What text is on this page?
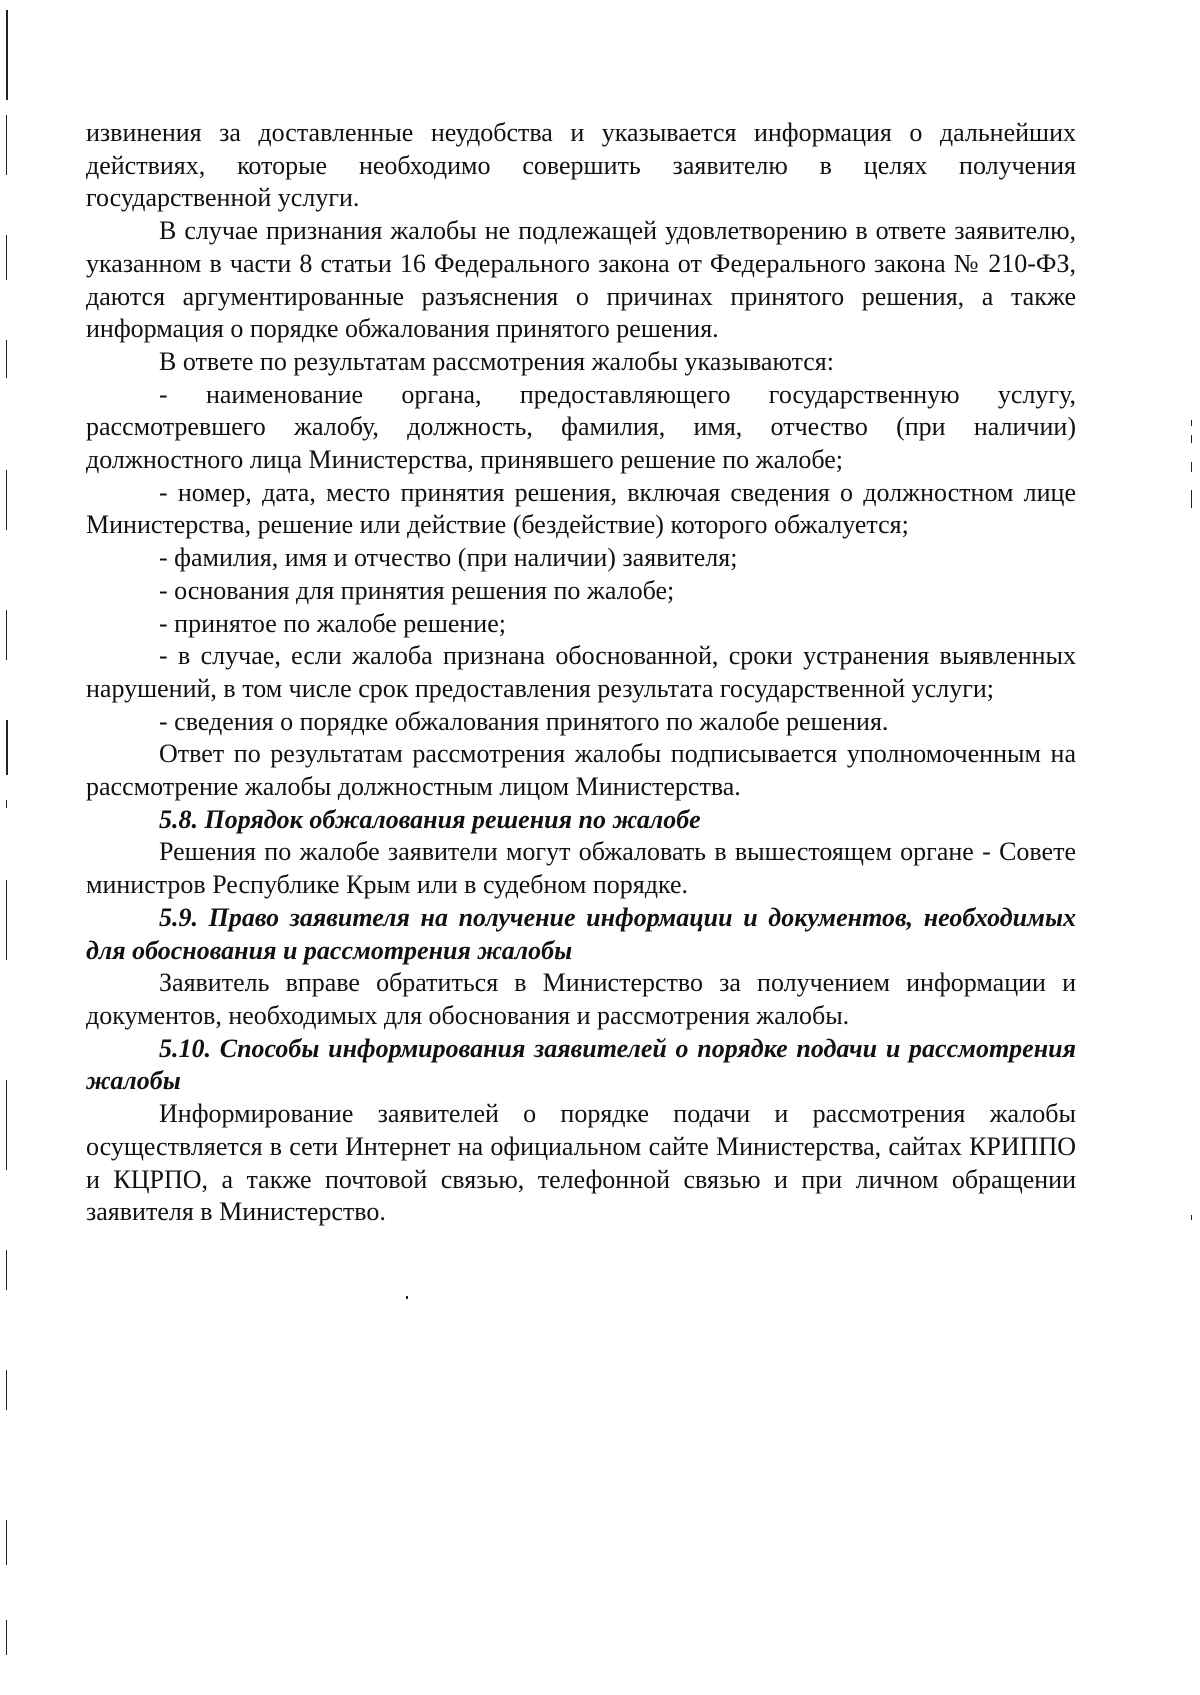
извинения за доставленные неудобства и указывается информация о дальнейших действиях, которые необходимо совершить заявителю в целях получения государственной услуги.

В случае признания жалобы не подлежащей удовлетворению в ответе заявителю, указанном в части 8 статьи 16 Федерального закона от Федерального закона № 210-ФЗ, даются аргументированные разъяснения о причинах принятого решения, а также информация о порядке обжалования принятого решения.

В ответе по результатам рассмотрения жалобы указываются:

- наименование органа, предоставляющего государственную услугу, рассмотревшего жалобу, должность, фамилия, имя, отчество (при наличии) должностного лица Министерства, принявшего решение по жалобе;

- номер, дата, место принятия решения, включая сведения о должностном лице Министерства, решение или действие (бездействие) которого обжалуется;

- фамилия, имя и отчество (при наличии) заявителя;

- основания для принятия решения по жалобе;

- принятое по жалобе решение;

- в случае, если жалоба признана обоснованной, сроки устранения выявленных нарушений, в том числе срок предоставления результата государственной услуги;

- сведения о порядке обжалования принятого по жалобе решения.

Ответ по результатам рассмотрения жалобы подписывается уполномоченным на рассмотрение жалобы должностным лицом Министерства.

5.8. Порядок обжалования решения по жалобе

Решения по жалобе заявители могут обжаловать в вышестоящем органе - Совете министров Республике Крым или в судебном порядке.

5.9. Право заявителя на получение информации и документов, необходимых для обоснования и рассмотрения жалобы

Заявитель вправе обратиться в Министерство за получением информации и документов, необходимых для обоснования и рассмотрения жалобы.

5.10. Способы информирования заявителей о порядке подачи и рассмотрения жалобы

Информирование заявителей о порядке подачи и рассмотрения жалобы осуществляется в сети Интернет на официальном сайте Министерства, сайтах КРИППО и КЦРПО, а также почтовой связью, телефонной связью и при личном обращении заявителя в Министерство.
